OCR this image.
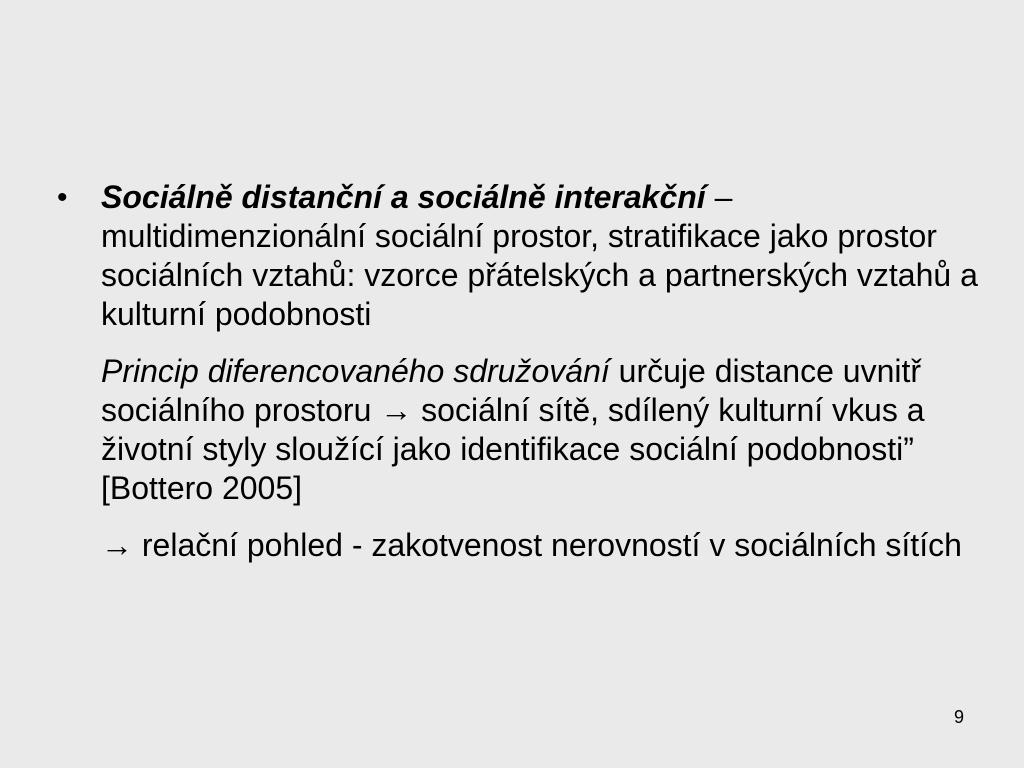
• Sociálně distanční a sociálně interakční – multidimenzionální sociální prostor, stratifikace jako prostor sociálních vztahů: vzorce přátelských a partnerských vztahů a kulturní podobnosti

Princip diferencovaného sdružování určuje distance uvnitř sociálního prostoru → sociální sítě, sdílený kulturní vkus a životní styly sloužící jako identifikace sociální podobnosti” [Bottero 2005]

→ relační pohled - zakotvenost nerovností v sociálních sítích

9
